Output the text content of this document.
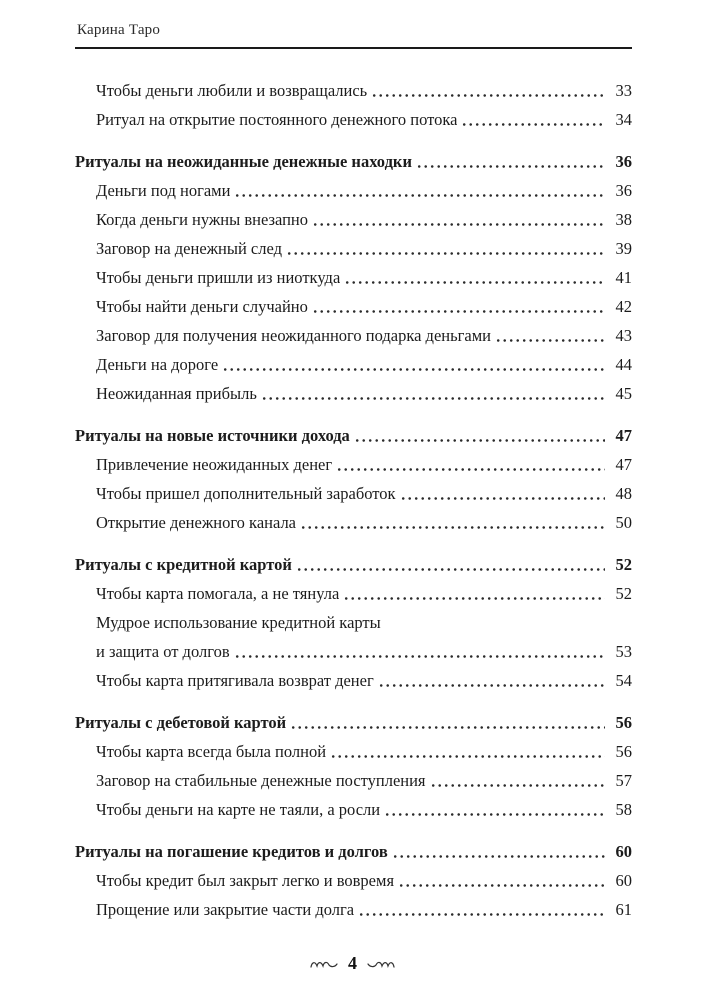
Карина Таро
Чтобы деньги любили и возвращались	33
Ритуал на открытие постоянного денежного потока	34
Ритуалы на неожиданные денежные находки	36
Деньги под ногами	36
Когда деньги нужны внезапно	38
Заговор на денежный след	39
Чтобы деньги пришли из ниоткуда	41
Чтобы найти деньги случайно	42
Заговор для получения неожиданного подарка деньгами	43
Деньги на дороге	44
Неожиданная прибыль	45
Ритуалы на новые источники дохода	47
Привлечение неожиданных денег	47
Чтобы пришел дополнительный заработок	48
Открытие денежного канала	50
Ритуалы с кредитной картой	52
Чтобы карта помогала, а не тянула	52
Мудрое использование кредитной карты
и защита от долгов	53
Чтобы карта притягивала возврат денег	54
Ритуалы с дебетовой картой	56
Чтобы карта всегда была полной	56
Заговор на стабильные денежные поступления	57
Чтобы деньги на карте не таяли, а росли	58
Ритуалы на погашение кредитов и долгов	60
Чтобы кредит был закрыт легко и вовремя	60
Прощение или закрытие части долга	61
4
